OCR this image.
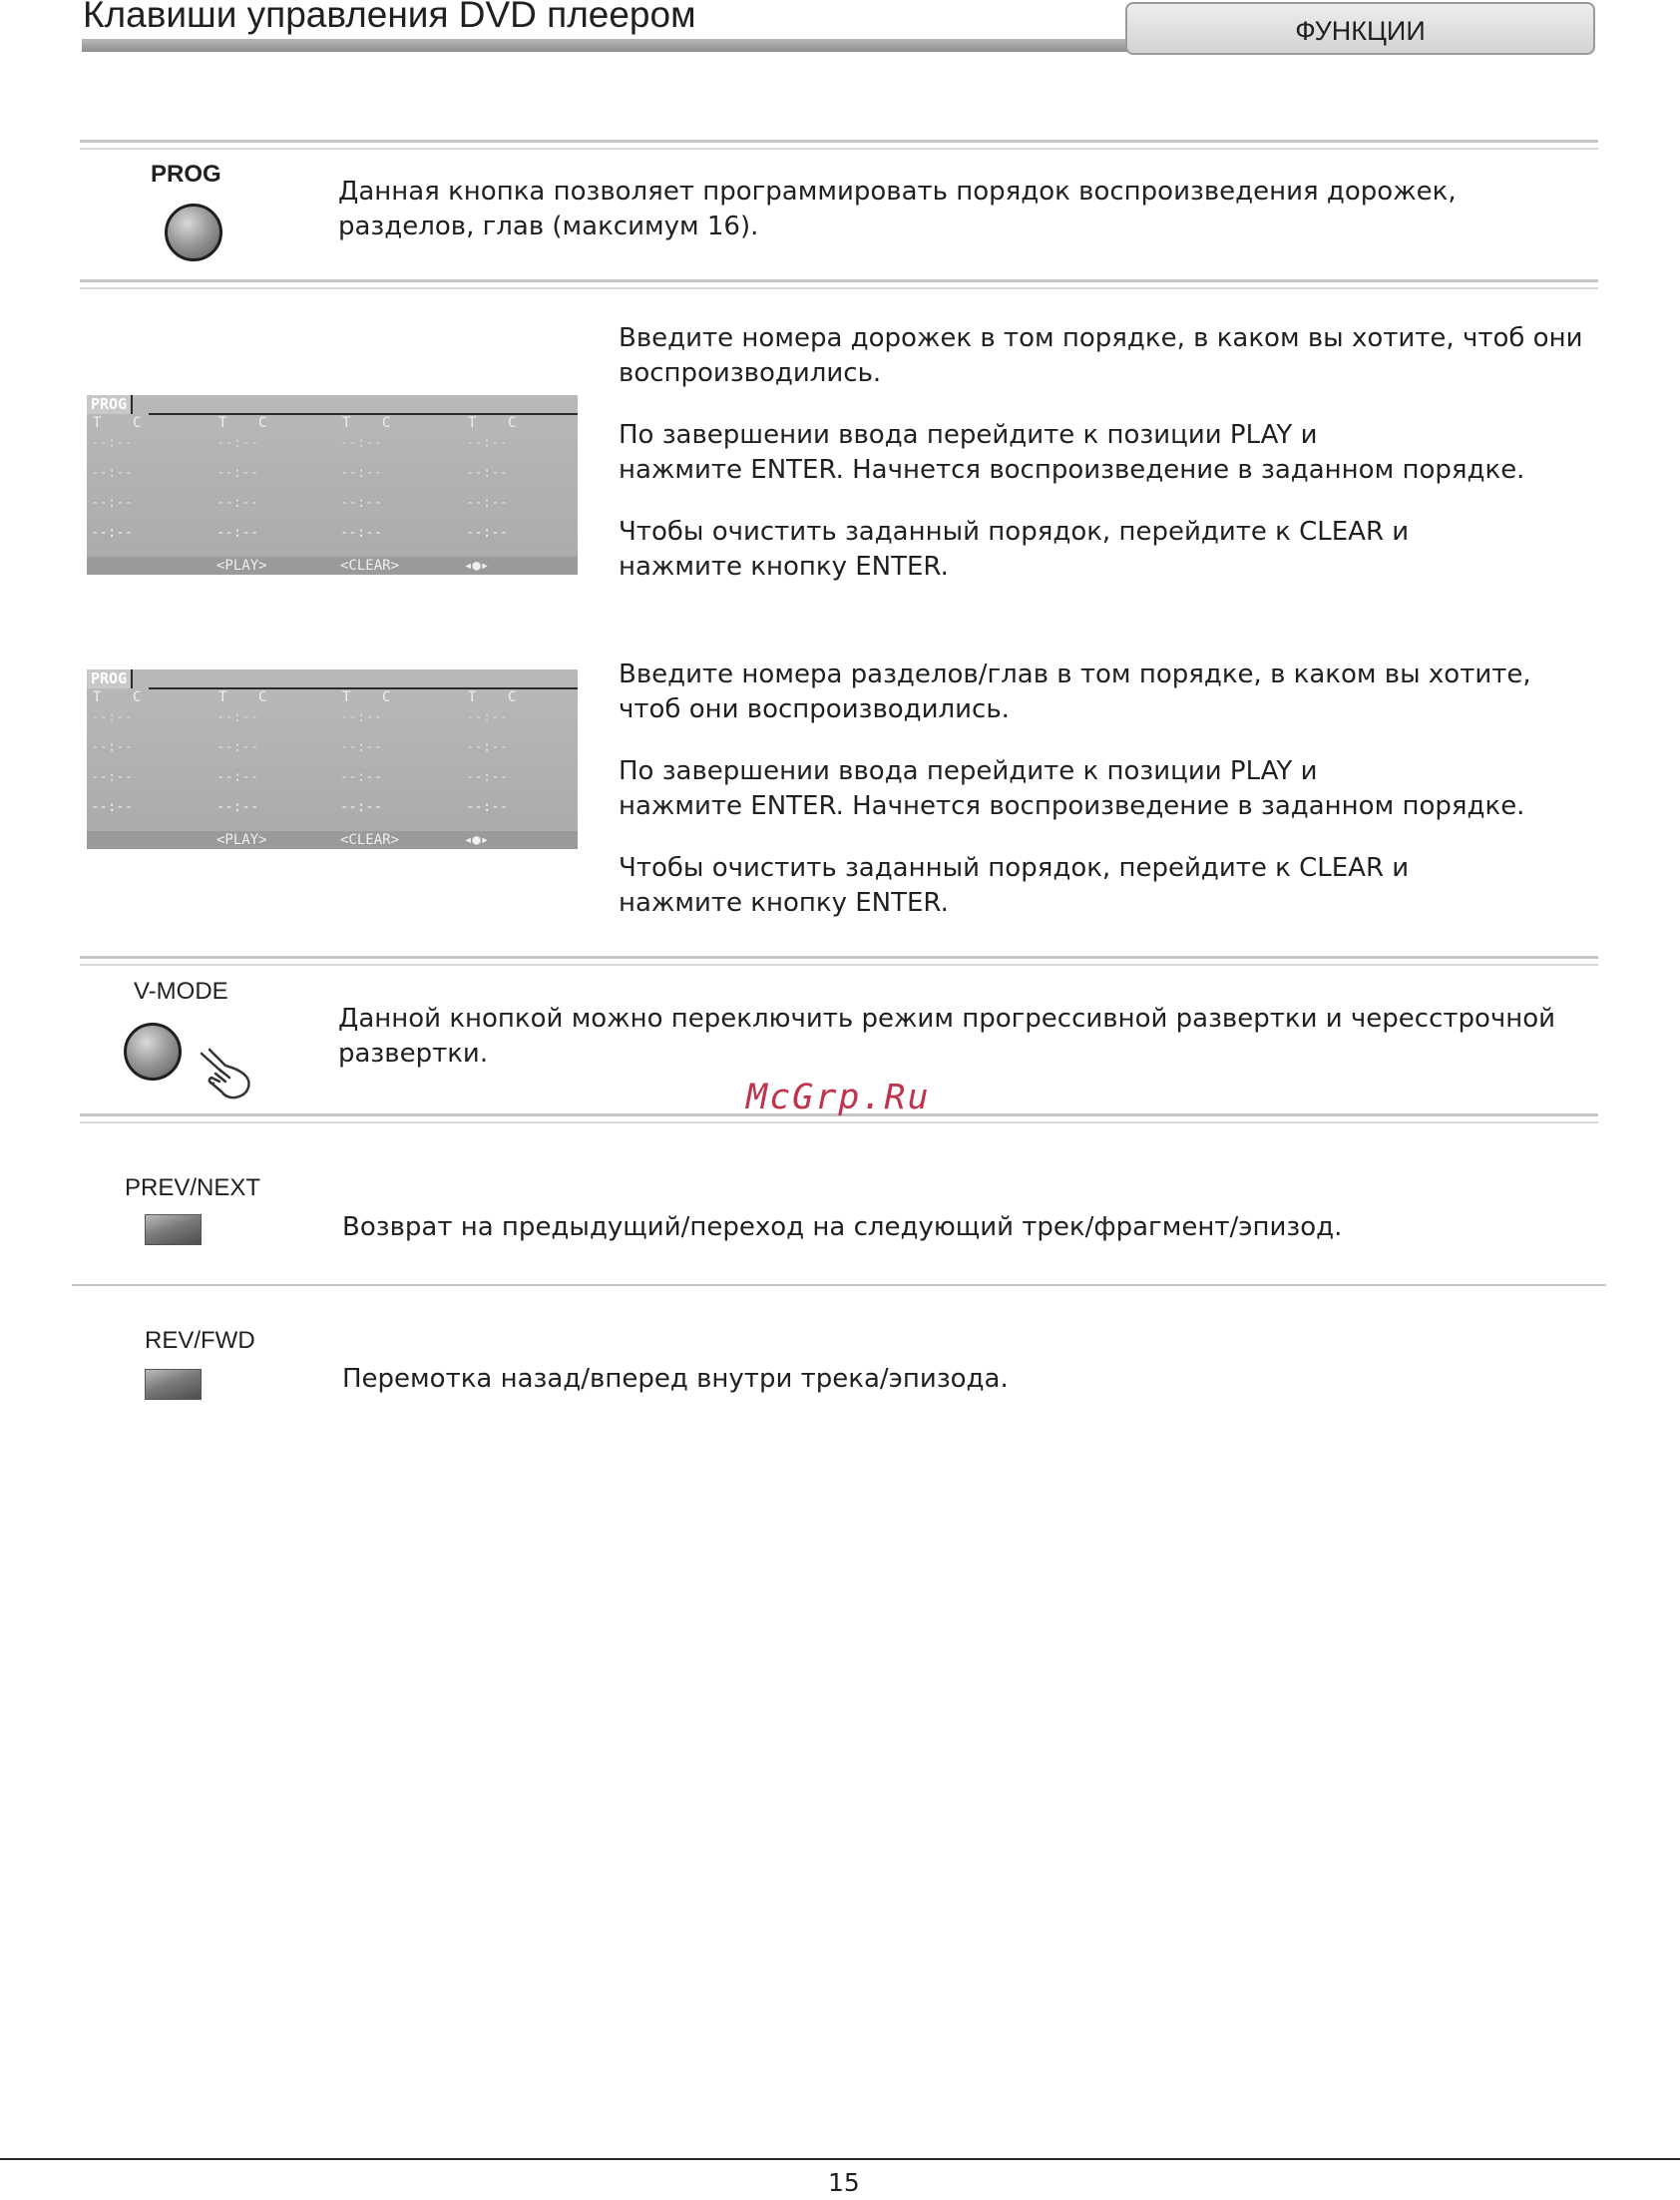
Клавиши управления DVD плеером	ФУНКЦИИ
PROG
Данная кнопка позволяет программировать порядок воспроизведения дорожек, разделов, глав (максимум 16).
PROG
T C	T C	T C	T C
--:--	--:--	--:--	--:--
--:--	--:--	--:--	--:--
--:--	--:--	--:--	--:--
--:--	--:--	--:--	--:--
<PLAY>	<CLEAR>	◂●▸

Введите номера дорожек в том порядке, в каком вы хотите, чтоб они воспроизводились.

По завершении ввода перейдите к позиции PLAY и

нажмите ENTER. Начнется воспроизведение в заданном порядке.

Чтобы очистить заданный порядок, перейдите к CLEAR и

нажмите кнопку ENTER.

PROG
T C	T C	T C	T C
--:--	--:--	--:--	--:--
--:--	--:--	--:--	--:--
--:--	--:--	--:--	--:--
--:--	--:--	--:--	--:--
<PLAY>	<CLEAR>	◂●▸

Введите номера разделов/глав в том порядке, в каком вы хотите, чтоб они воспроизводились.

По завершении ввода перейдите к позиции PLAY и

нажмите ENTER. Начнется воспроизведение в заданном порядке.

Чтобы очистить заданный порядок, перейдите к CLEAR и

нажмите кнопку ENTER.

V-MODE
Данной кнопкой можно переключить режим прогрессивной развертки и чересстрочной развертки.
McGrp.Ru
PREV/NEXT
Возврат на предыдущий/переход на следующий трек/фрагмент/эпизод.
REV/FWD
Перемотка назад/вперед внутри трека/эпизода.
15
